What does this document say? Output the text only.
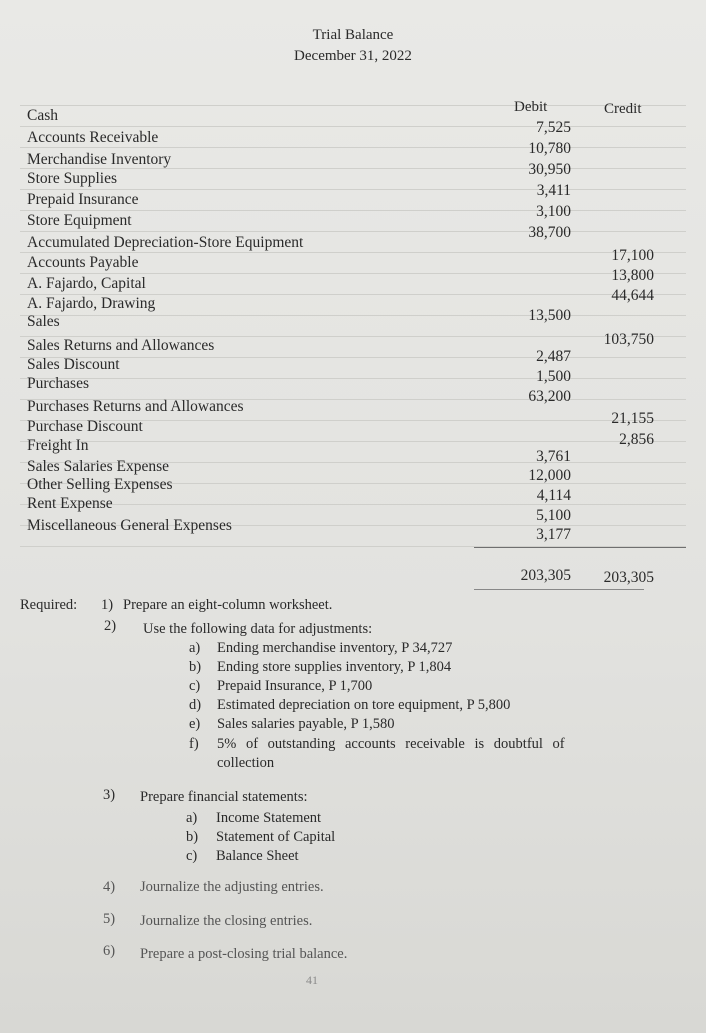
Trial Balance
December 31, 2022
Debit	Credit
Cash
7,525
Accounts Receivable
10,780
Merchandise Inventory
30,950
Store Supplies
3,411
Prepaid Insurance
3,100
Store Equipment
38,700
Accumulated Depreciation-Store Equipment
17,100
Accounts Payable
13,800
A. Fajardo, Capital
44,644
A. Fajardo, Drawing
13,500
Sales
103,750
Sales Returns and Allowances
2,487
Sales Discount
1,500
Purchases
63,200
Purchases Returns and Allowances
21,155
Purchase Discount
2,856
Freight In
3,761
Sales Salaries Expense
12,000
Other Selling Expenses
4,114
Rent Expense
5,100
Miscellaneous General Expenses
3,177
203,305 203,305
Required: 1) Prepare an eight-column worksheet.
2) Use the following data for adjustments:
a) Ending merchandise inventory, P 34,727
b) Ending store supplies inventory, P 1,804
c) Prepaid Insurance, P 1,700
d) Estimated depreciation on tore equipment, P 5,800
e) Sales salaries payable, P 1,580
f) 5% of outstanding accounts receivable is doubtful of
collection
3) Prepare financial statements:
a) Income Statement
b) Statement of Capital
c) Balance Sheet
4) Journalize the adjusting entries.
5) Journalize the closing entries.
6) Prepare a post-closing trial balance.
41
